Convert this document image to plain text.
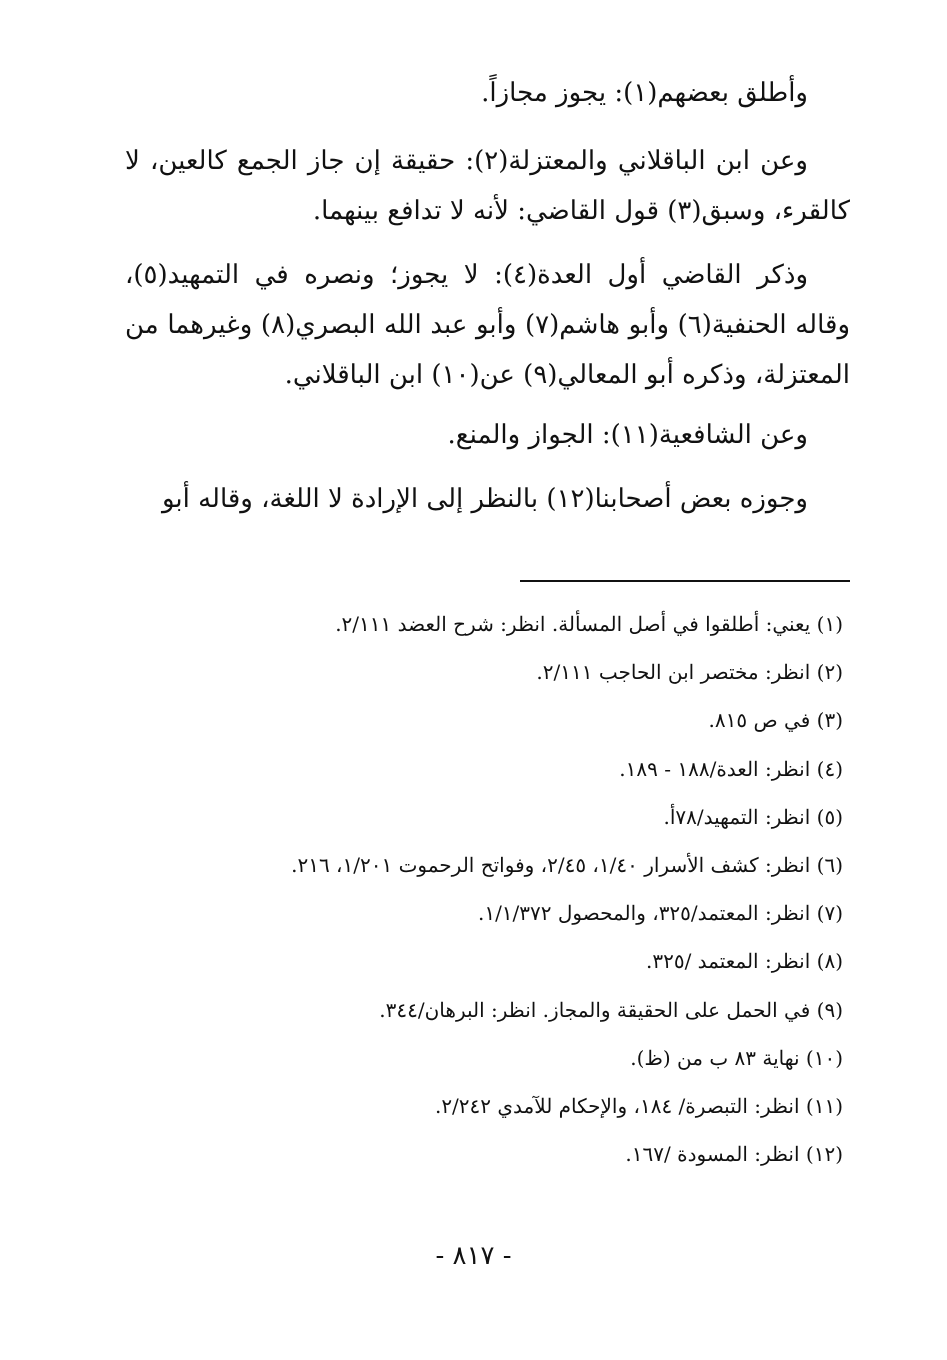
وأطلق بعضهم(١): يجوز مجازاً.

وعن ابن الباقلاني والمعتزلة(٢): حقيقة إن جاز الجمع كالعين، لا كالقرء، وسبق(٣) قول القاضي: لأنه لا تدافع بينهما.

وذكر القاضي أول العدة(٤): لا يجوز؛ ونصره في التمهيد(٥)، وقاله الحنفية(٦) وأبو هاشم(٧) وأبو عبد الله البصري(٨) وغيرهما من المعتزلة، وذكره أبو المعالي(٩) عن(١٠) ابن الباقلاني.

وعن الشافعية(١١): الجواز والمنع.

وجوزه بعض أصحابنا(١٢) بالنظر إلى الإرادة لا اللغة، وقاله أبو

(١) يعني: أطلقوا في أصل المسألة. انظر: شرح العضد ٢/١١١.

(٢) انظر: مختصر ابن الحاجب ٢/١١١.

(٣) في ص ٨١٥.

(٤) انظر: العدة/١٨٨ - ١٨٩.

(٥) انظر: التمهيد/٧٨أ.

(٦) انظر: كشف الأسرار ١/٤٠، ٢/٤٥، وفواتح الرحموت ١/٢٠١، ٢١٦.

(٧) انظر: المعتمد/٣٢٥، والمحصول ١/١/٣٧٢.

(٨) انظر: المعتمد /٣٢٥.

(٩) في الحمل على الحقيقة والمجاز. انظر: البرهان/٣٤٤.

(١٠) نهاية ٨٣ ب من (ظ).

(١١) انظر: التبصرة/ ١٨٤، والإحكام للآمدي ٢/٢٤٢.

(١٢) انظر: المسودة /١٦٧.

- ٨١٧ -
